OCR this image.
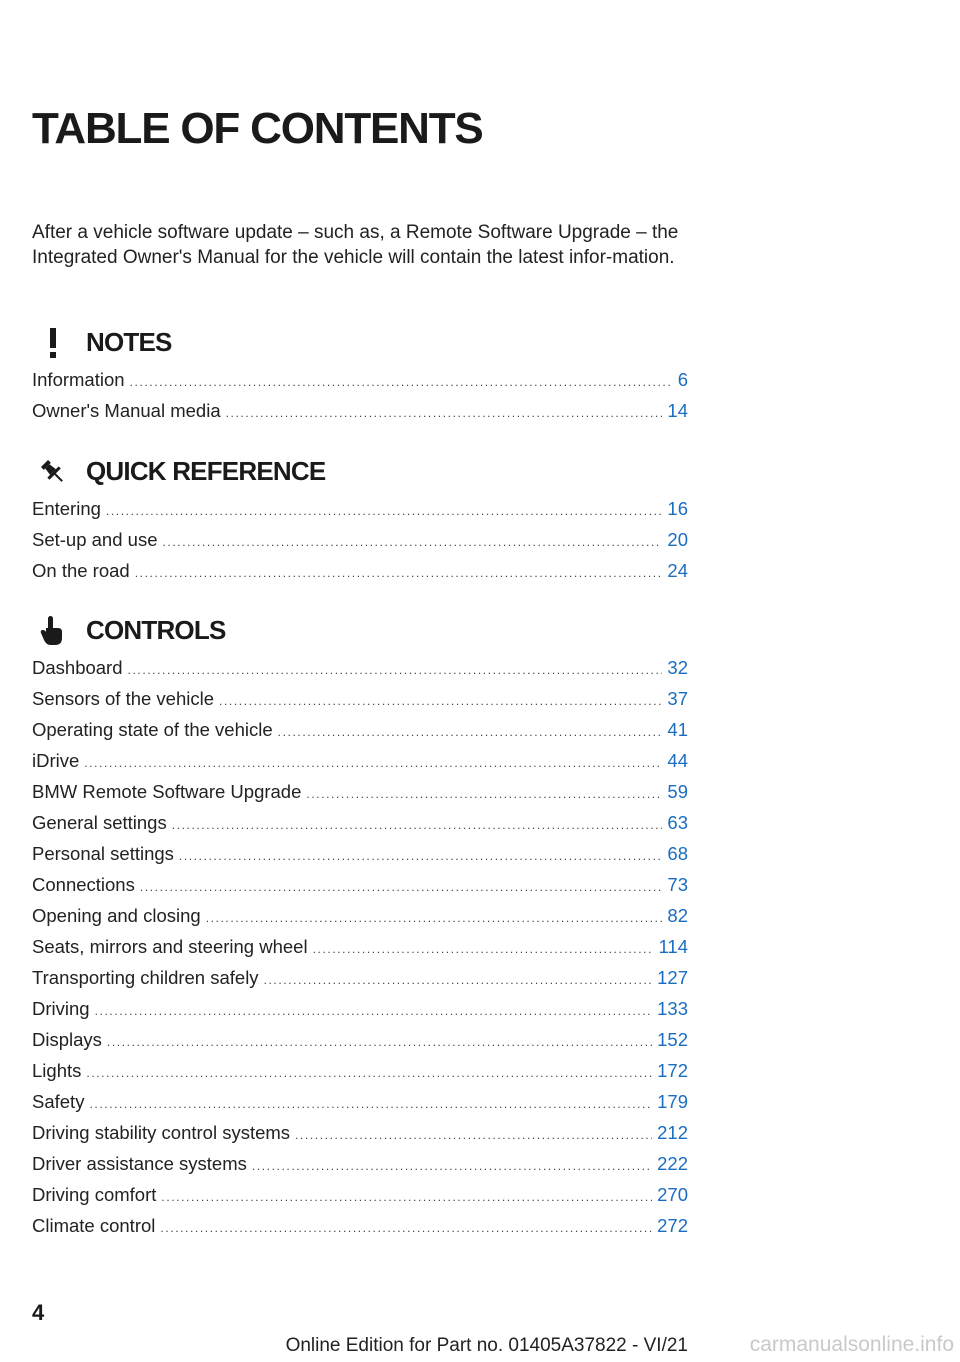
TABLE OF CONTENTS

After a vehicle software update – such as, a Remote Software Upgrade – the Integrated Owner's Manual for the vehicle will contain the latest infor-mation.

NOTES
Information .....	6
Owner's Manual media .....	14
QUICK REFERENCE
Entering .....	16
Set-up and use .....	20
On the road .....	24
CONTROLS
Dashboard .....	32
Sensors of the vehicle .....	37
Operating state of the vehicle .....	41
iDrive .....	44
BMW Remote Software Upgrade .....	59
General settings .....	63
Personal settings .....	68
Connections .....	73
Opening and closing .....	82
Seats, mirrors and steering wheel .....	114
Transporting children safely .....	127
Driving .....	133
Displays .....	152
Lights .....	172
Safety .....	179
Driving stability control systems .....	212
Driver assistance systems .....	222
Driving comfort .....	270
Climate control .....	272
4
Online Edition for Part no. 01405A37822 - VI/21	carmanualsonline.info
